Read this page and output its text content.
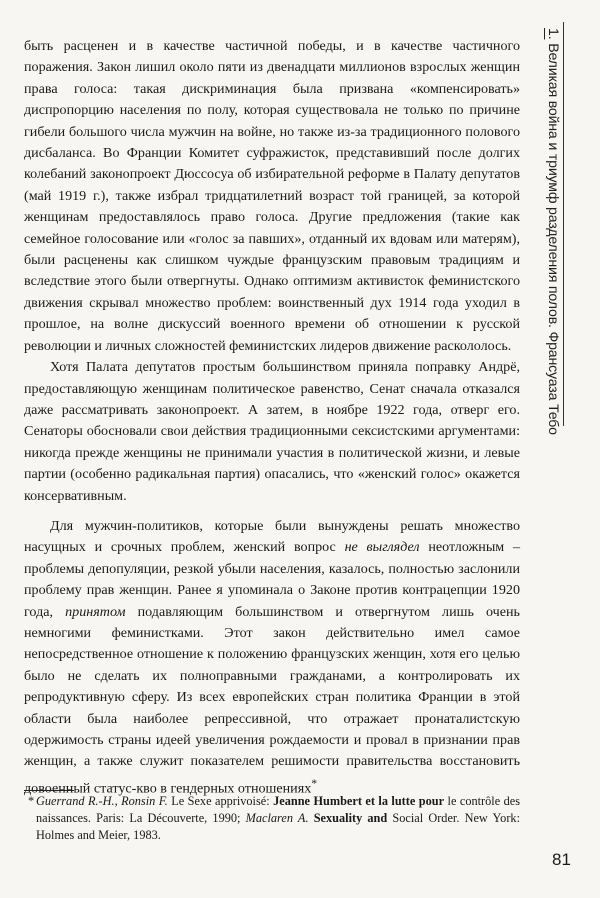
быть расценен и в качестве частичной победы, и в качестве частичного поражения. Закон лишил около пяти из двенадцати миллионов взрослых женщин права голоса: такая дискриминация была призвана «компенсировать» диспропорцию населения по полу, которая существовала не только по причине гибели большого числа мужчин на войне, но также из-за традиционного полового дисбаланса. Во Франции Комитет суфражисток, представивший после долгих колебаний законопроект Дюссосуа об избирательной реформе в Палату депутатов (май 1919 г.), также избрал тридцатилетний возраст той границей, за которой женщинам предоставлялось право голоса. Другие предложения (такие как семейное голосование или «голос за павших», отданный их вдовам или матерям), были расценены как слишком чуждые французским правовым традициям и вследствие этого были отвергнуты. Однако оптимизм активисток феминистского движения скрывал множество проблем: воинственный дух 1914 года уходил в прошлое, на волне дискуссий военного времени об отношении к русской революции и личных сложностей феминистских лидеров движение раскололось.

Хотя Палата депутатов простым большинством приняла поправку Андрё, предоставляющую женщинам политическое равенство, Сенат сначала отказался даже рассматривать законопроект. А затем, в ноябре 1922 года, отверг его. Сенаторы обосновали свои действия традиционными сексистскими аргументами: никогда прежде женщины не принимали участия в политической жизни, и левые партии (особенно радикальная партия) опасались, что «женский голос» окажется консервативным.

Для мужчин-политиков, которые были вынуждены решать множество насущных и срочных проблем, женский вопрос не выглядел неотложным – проблемы депопуляции, резкой убыли населения, казалось, полностью заслонили проблему прав женщин. Ранее я упоминала о Законе против контрацепции 1920 года, принятом подавляющим большинством и отвергнутом лишь очень немногими феминистками. Этот закон действительно имел самое непосредственное отношение к положению французских женщин, хотя его целью было не сделать их полноправными гражданами, а контролировать их репродуктивную сферу. Из всех европейских стран политика Франции в этой области была наиболее репрессивной, что отражает пронаталистскую одержимость страны идеей увеличения рождаемости и провал в признании прав женщин, а также служит показателем решимости правительства восстановить довоенный статус-кво в гендерных отношениях*

* Guerrand R.-H., Ronsin F. Le Sexe apprivoisé: Jeanne Humbert et la lutte pour le contrôle des naissances. Paris: La Découverte, 1990; Maclaren A. Sexuality and Social Order. New York: Holmes and Meier, 1983.
1. Великая война и триумф разделения полов. Франсуаза Тебо
81
